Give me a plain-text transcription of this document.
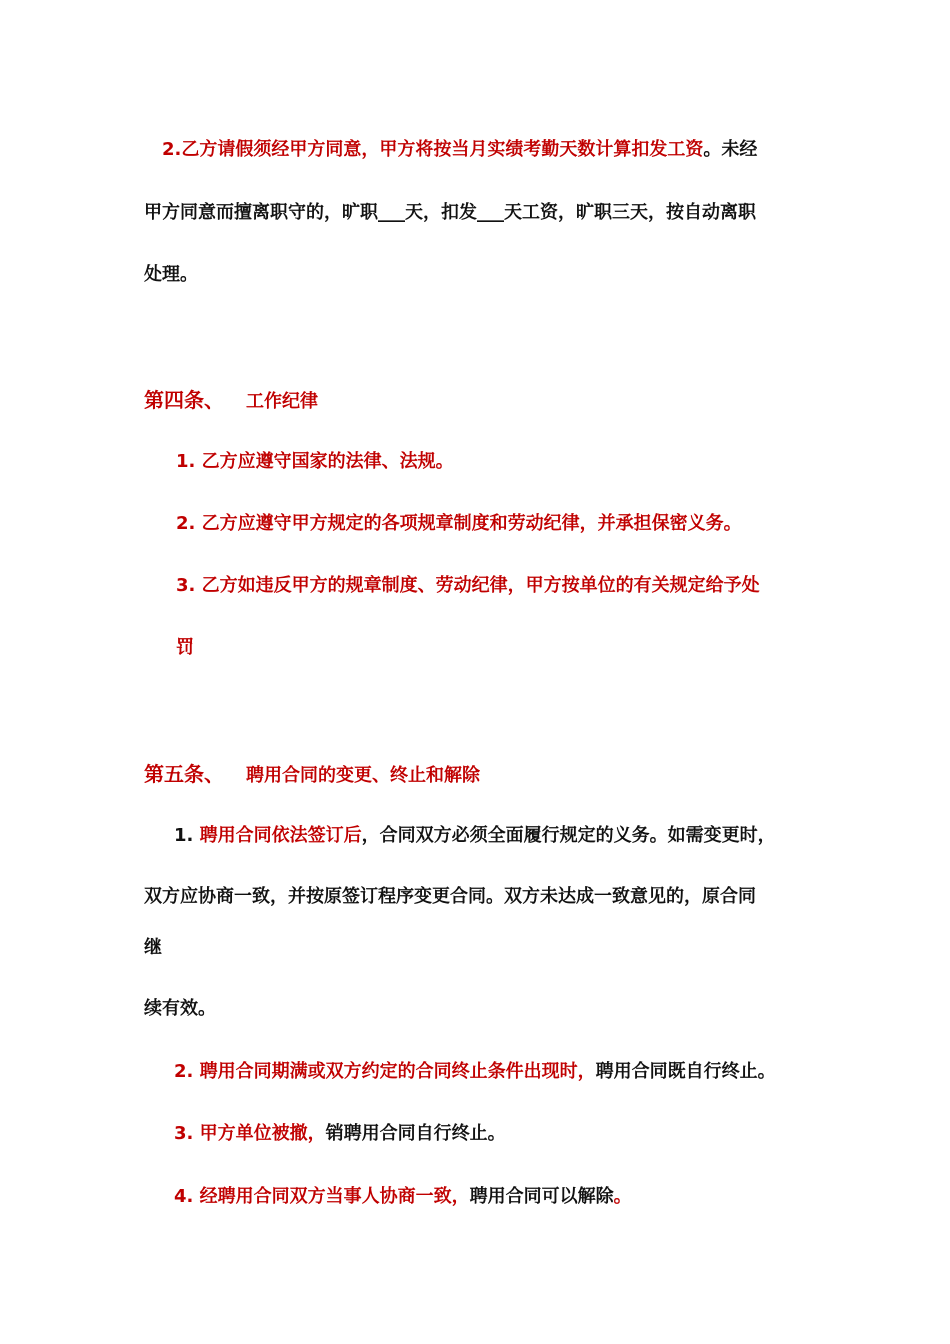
2.乙方请假须经甲方同意，甲方将按当月实绩考勤天数计算扣发工资。未经
甲方同意而擅离职守的，旷职___天，扣发___天工资，旷职三天，按自动离职
处理。
第四条、 工作纪律
1. 乙方应遵守国家的法律、法规。
2. 乙方应遵守甲方规定的各项规章制度和劳动纪律，并承担保密义务。
3. 乙方如违反甲方的规章制度、劳动纪律，甲方按单位的有关规定给予处
罚
第五条、 聘用合同的变更、终止和解除
1. 聘用合同依法签订后，合同双方必须全面履行规定的义务。如需变更时，
双方应协商一致，并按原签订程序变更合同。双方未达成一致意见的，原合同
继
续有效。
2. 聘用合同期满或双方约定的合同终止条件出现时，聘用合同既自行终止。
3. 甲方单位被撤，销聘用合同自行终止。
4. 经聘用合同双方当事人协商一致，聘用合同可以解除。
